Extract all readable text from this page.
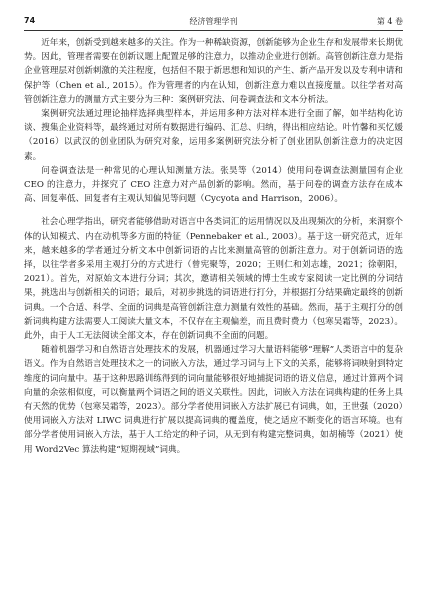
74	经济管理学刊	第 4 卷

近年来，创新受到越来越多的关注。作为一种稀缺资源，创新能够为企业生存和发展带来长期优势。因此，管理者需要在创新议题上配置足够的注意力，以推动企业进行创新。高管创新注意力是指企业管理层对创新刺激的关注程度，包括但不限于新思想和知识的产生、新产品开发以及专利申请和保护等（Chen et al., 2015）。作为管理者的内在认知，创新注意力难以直接度量。以往学者对高管创新注意力的测量方式主要分为三种：案例研究法、问卷调查法和文本分析法。

案例研究法通过理论抽样选择典型样本，并运用多种方法对样本进行全面了解，如半结构化访谈、搜集企业资料等，最终通过对所有数据进行编码、汇总、归纳，得出相应结论。叶竹馨和买忆媛（2016）以武汉的创业团队为研究对象，运用多案例研究法分析了创业团队创新注意力的决定因素。

问卷调查法是一种常见的心理认知测量方法。张昊等（2014）使用问卷调查法测量国有企业 CEO 的注意力，并探究了 CEO 注意力对产品创新的影响。然而，基于问卷的调查方法存在成本高、回复率低、回复者有主观认知偏见等问题（Cycyota and Harrison，2006）。

社会心理学指出，研究者能够借助对语言中各类词汇的运用情况以及出现频次的分析，来洞察个体的认知模式、内在动机等多方面的特征（Pennebaker et al., 2003）。基于这一研究范式，近年来，越来越多的学者通过分析文本中创新词语的占比来测量高管的创新注意力。对于创新词语的选择，以往学者多采用主观打分的方式进行（曾宪聚等，2020；王则仁和刘志雄，2021；徐朝阳，2021）。首先，对原始文本进行分词；其次，邀请相关领域的博士生或专家阅读一定比例的分词结果，挑选出与创新相关的词语；最后，对初步挑选的词语进行打分，并根据打分结果确定最终的创新词典。一个合适、科学、全面的词典是高管创新注意力测量有效性的基础。然而，基于主观打分的创新词典构建方法需要人工阅读大量文本，不仅存在主观偏差，而且费时费力（包寒吴霜等，2023）。此外，由于人工无法阅读全部文本，存在创新词典不全面的问题。

随着机器学习和自然语言处理技术的发展，机器通过学习大量语料能够“理解”人类语言中的复杂语义。作为自然语言处理技术之一的词嵌入方法，通过学习词与上下文的关系，能够将词映射到特定维度的词向量中。基于这种思路训练得到的词向量能够很好地捕捉词语的语义信息，通过计算两个词向量的余弦相似度，可以衡量两个词语之间的语义关联性。因此，词嵌入方法在词典构建的任务上具有天然的优势（包寒吴霜等，2023）。部分学者使用词嵌入方法扩展已有词典，如，王世强（2020）使用词嵌入方法对 LIWC 词典进行扩展以提高词典的覆盖度，使之适应不断变化的语言环境。也有部分学者使用词嵌入方法，基于人工给定的种子词，从无到有构建完整词典，如胡楠等（2021）使用 Word2Vec 算法构建“短期视域”词典。
